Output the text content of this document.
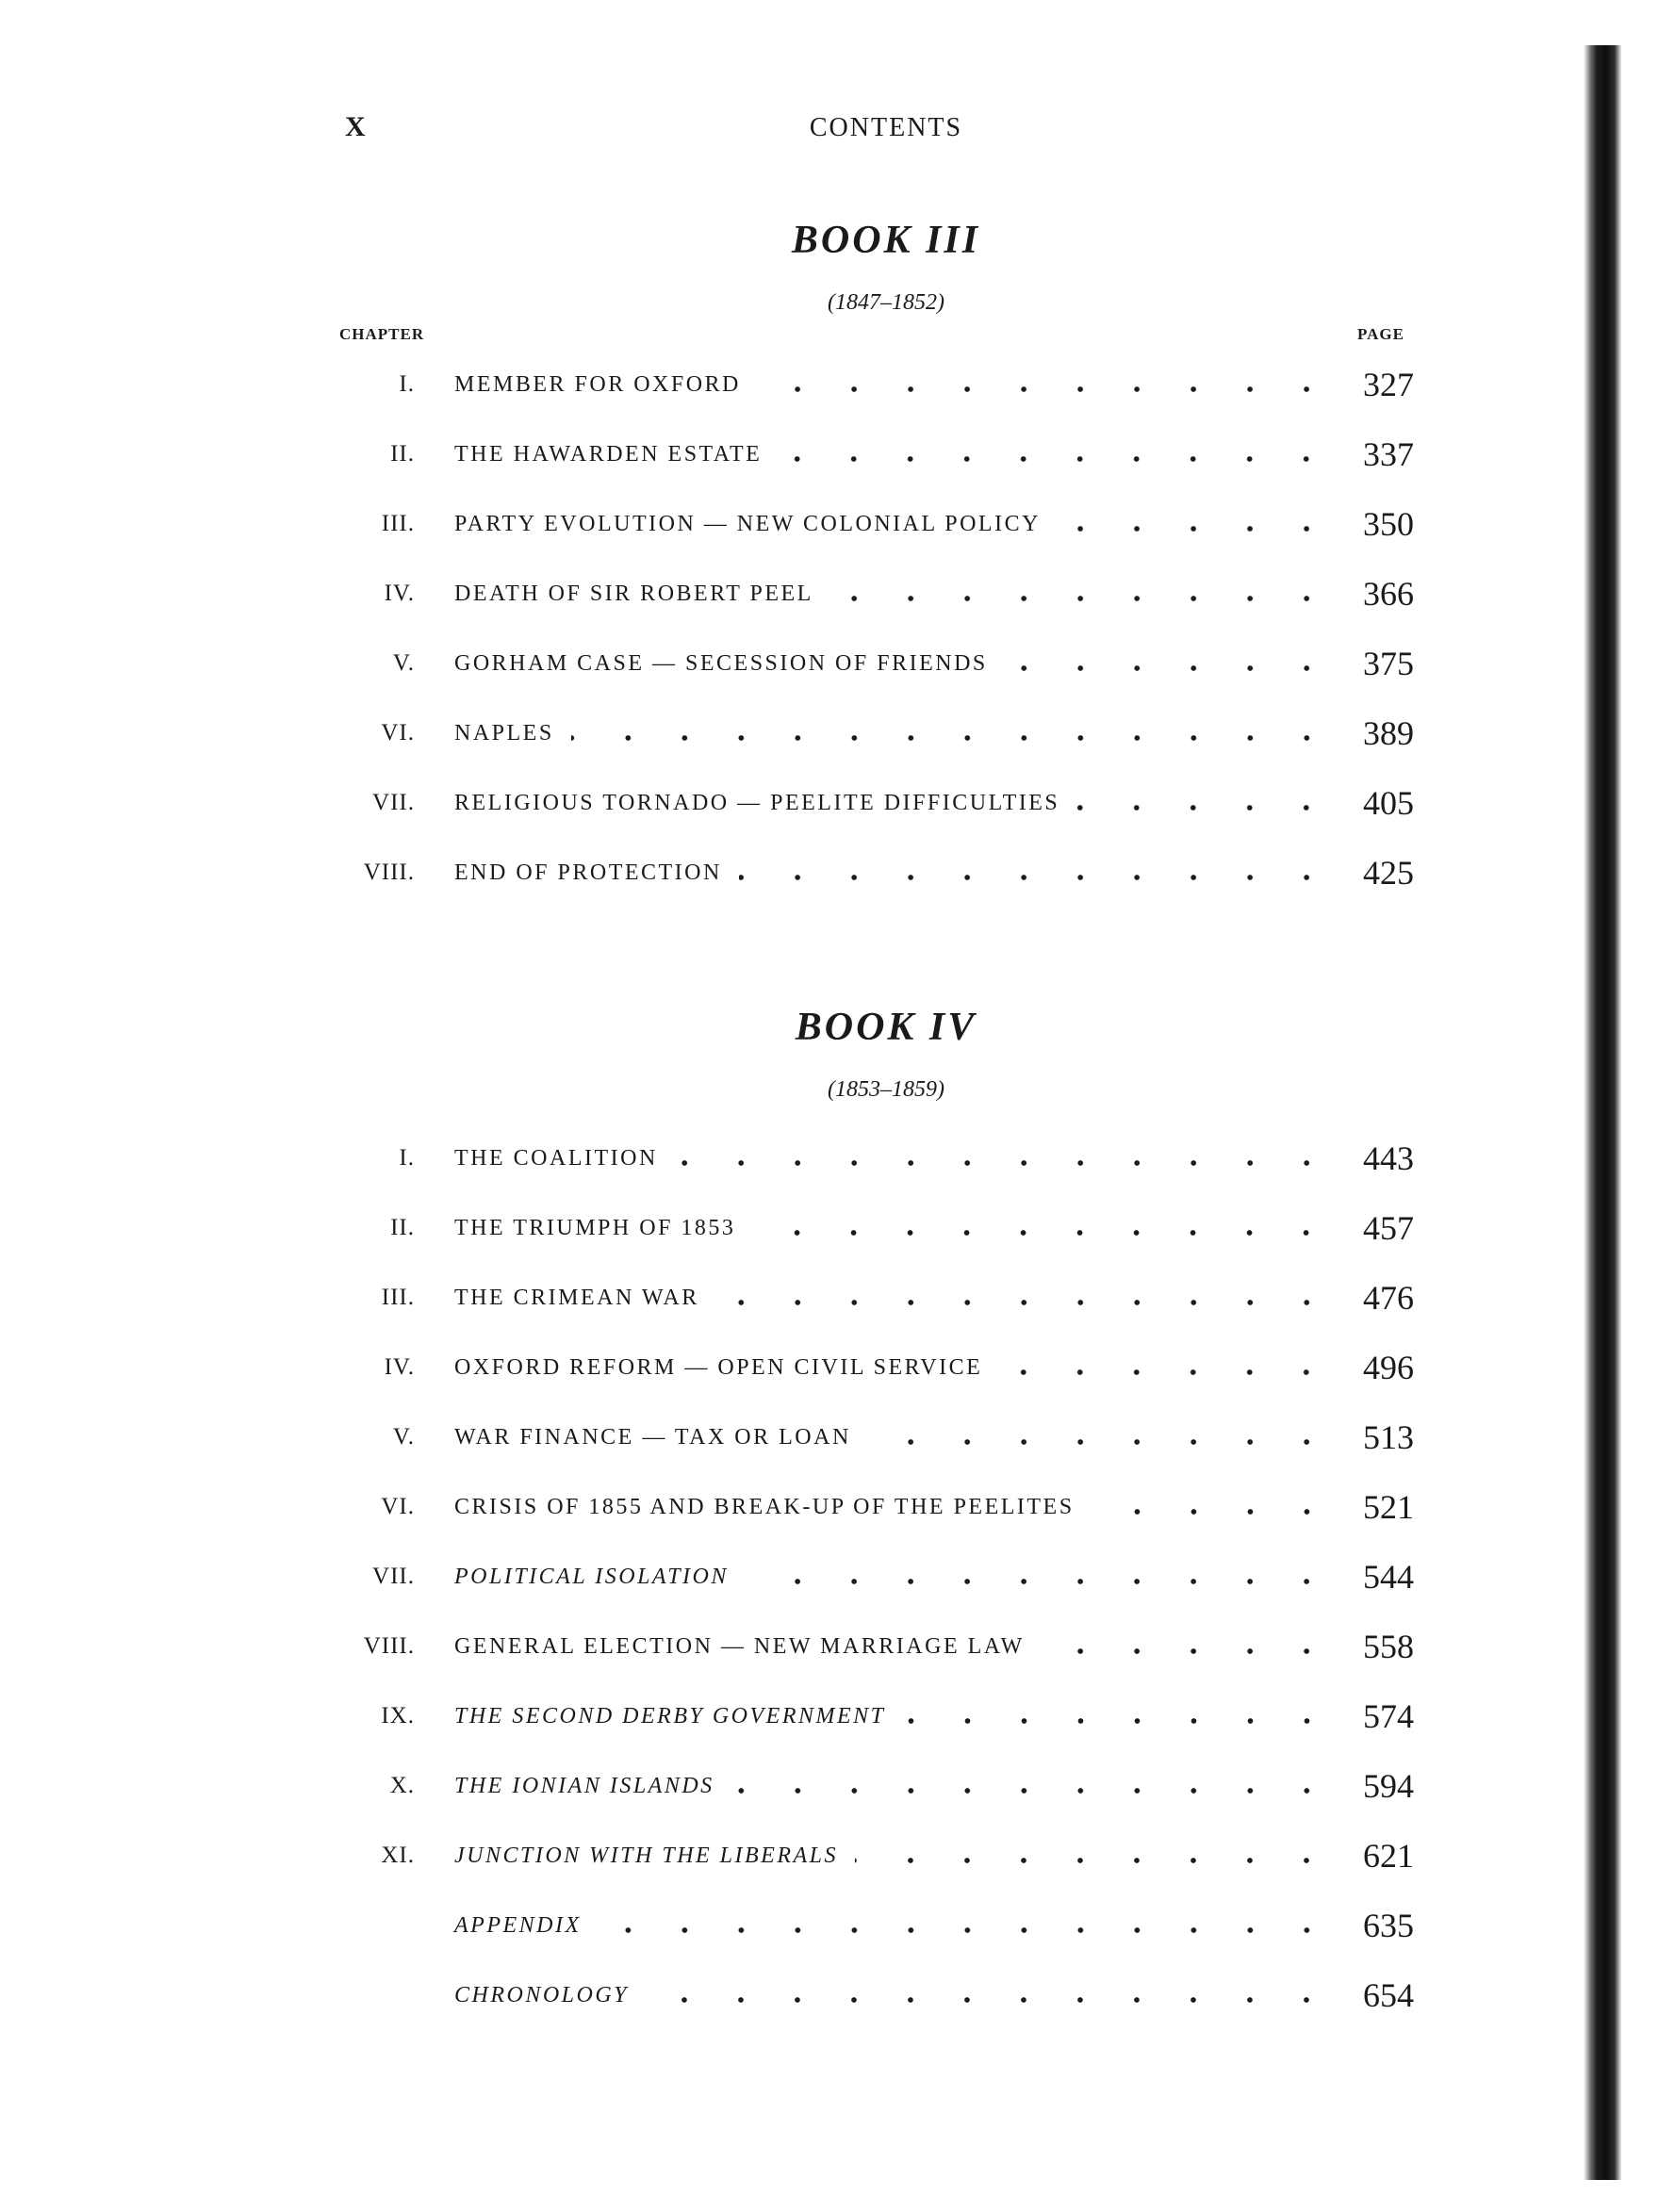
X	CONTENTS
BOOK III
(1847–1852)
CHAPTER	PAGE
I. MEMBER FOR OXFORD	327
II. THE HAWARDEN ESTATE	337
III. PARTY EVOLUTION — NEW COLONIAL POLICY	350
IV. DEATH OF SIR ROBERT PEEL	366
V. GORHAM CASE — SECESSION OF FRIENDS	375
VI. NAPLES	389
VII. RELIGIOUS TORNADO — PEELITE DIFFICULTIES	405
VIII. END OF PROTECTION	425
BOOK IV
(1853–1859)
I. THE COALITION	443
II. THE TRIUMPH OF 1853	457
III. THE CRIMEAN WAR	476
IV. OXFORD REFORM — OPEN CIVIL SERVICE	496
V. WAR FINANCE — TAX OR LOAN	513
VI. CRISIS OF 1855 AND BREAK-UP OF THE PEELITES	521
VII. POLITICAL ISOLATION	544
VIII. GENERAL ELECTION — NEW MARRIAGE LAW	558
IX. THE SECOND DERBY GOVERNMENT	574
X. THE IONIAN ISLANDS	594
XI. JUNCTION WITH THE LIBERALS	621
APPENDIX	635
CHRONOLOGY	654
